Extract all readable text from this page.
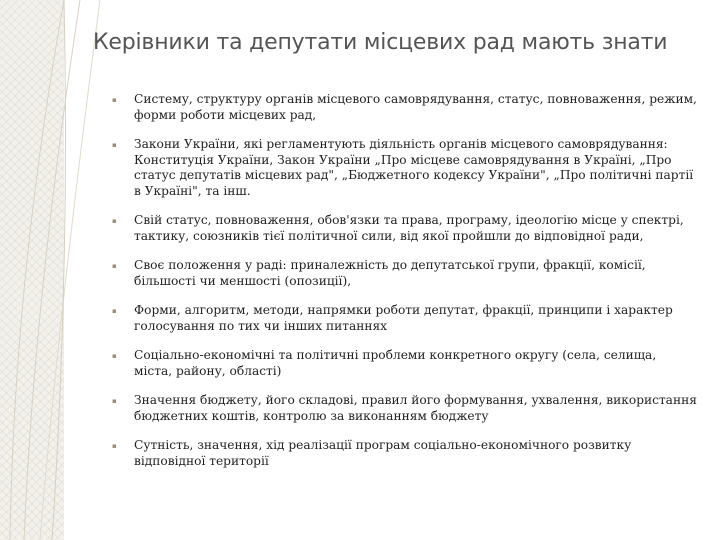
Керівники та депутати місцевих рад мають знати
▪ Систему, структуру органів місцевого самоврядування, статус, повноваження, режим, форми роботи місцевих рад,
▪ Закони України, які регламентують діяльність органів місцевого самоврядування: Конституція України, Закон України „Про місцеве самоврядування в Україні, „Про статус депутатів місцевих рад", „Бюджетного кодексу України", „Про політичні партії в Україні", та інш.
▪ Свій статус, повноваження, обов'язки та права, програму, ідеологію місце у спектрі, тактику, союзників тієї політичної сили, від якої пройшли до відповідної ради,
▪ Своє положення у раді: приналежність до депутатської групи, фракції, комісії, більшості чи меншості (опозиції),
▪ Форми, алгоритм, методи, напрямки роботи депутат, фракції, принципи і характер голосування по тих чи інших питаннях
▪ Соціально-економічні та політичні проблеми конкретного округу (села, селища, міста, району, області)
▪ Значення бюджету, його складові, правил його формування, ухвалення, використання бюджетних коштів, контролю за виконанням бюджету
▪ Сутність, значення, хід реалізації програм соціально-економічного розвитку відповідної території
